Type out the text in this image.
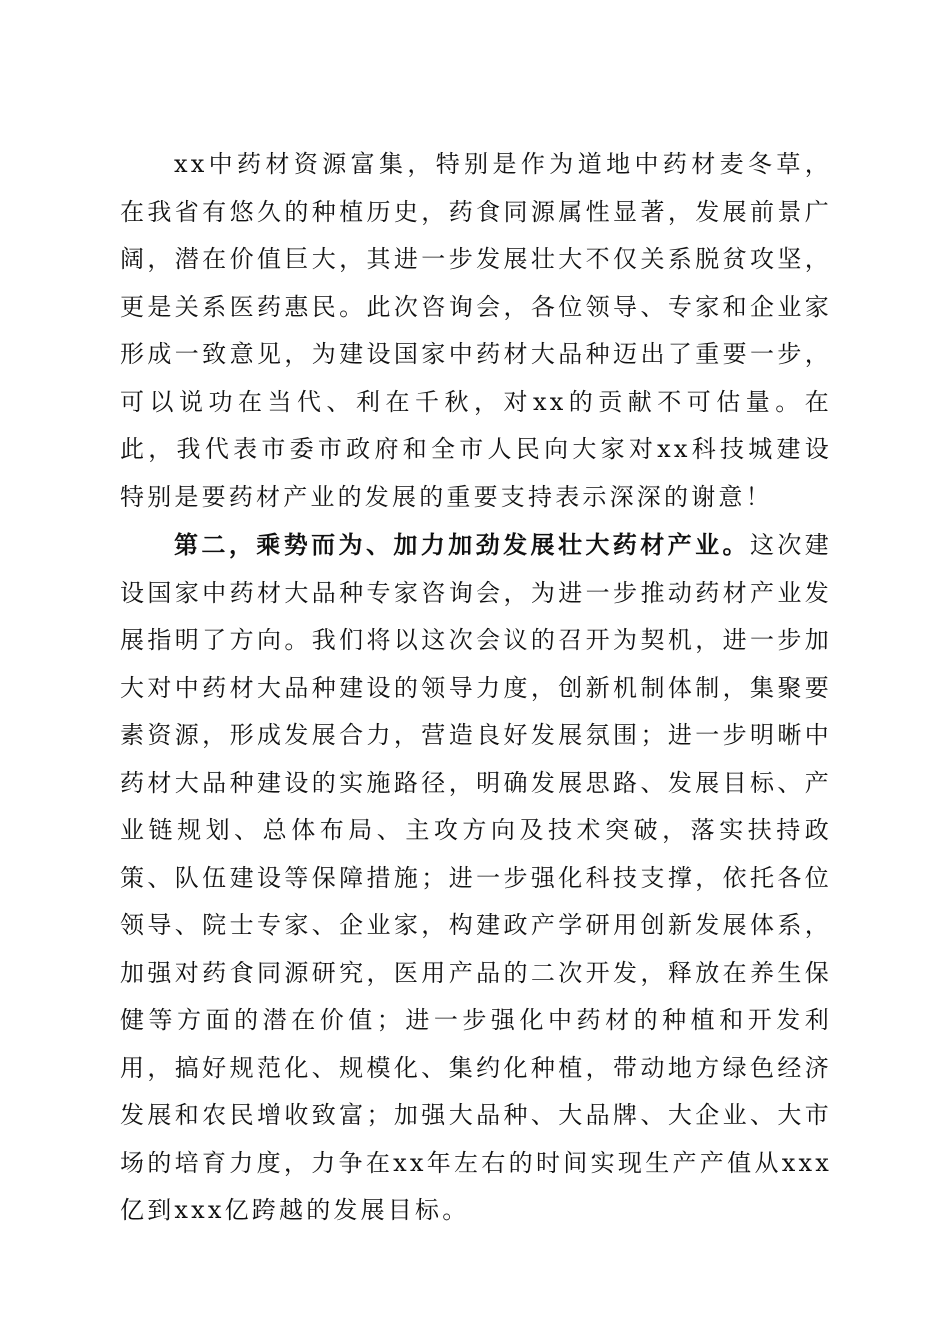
xx中药材资源富集，特别是作为道地中药材麦冬草，在我省有悠久的种植历史，药食同源属性显著，发展前景广阔，潜在价值巨大，其进一步发展壮大不仅关系脱贫攻坚，更是关系医药惠民。此次咨询会，各位领导、专家和企业家形成一致意见，为建设国家中药材大品种迈出了重要一步，可以说功在当代、利在千秋，对xx的贡献不可估量。在此，我代表市委市政府和全市人民向大家对xx科技城建设特别是要药材产业的发展的重要支持表示深深的谢意！

第二，乘势而为、加力加劲发展壮大药材产业。这次建设国家中药材大品种专家咨询会，为进一步推动药材产业发展指明了方向。我们将以这次会议的召开为契机，进一步加大对中药材大品种建设的领导力度，创新机制体制，集聚要素资源，形成发展合力，营造良好发展氛围；进一步明晰中药材大品种建设的实施路径，明确发展思路、发展目标、产业链规划、总体布局、主攻方向及技术突破，落实扶持政策、队伍建设等保障措施；进一步强化科技支撑，依托各位领导、院士专家、企业家，构建政产学研用创新发展体系，加强对药食同源研究，医用产品的二次开发，释放在养生保健等方面的潜在价值；进一步强化中药材的种植和开发利用，搞好规范化、规模化、集约化种植，带动地方绿色经济发展和农民增收致富；加强大品种、大品牌、大企业、大市场的培育力度，力争在xx年左右的时间实现生产产值从xxx亿到xxx亿跨越的发展目标。
